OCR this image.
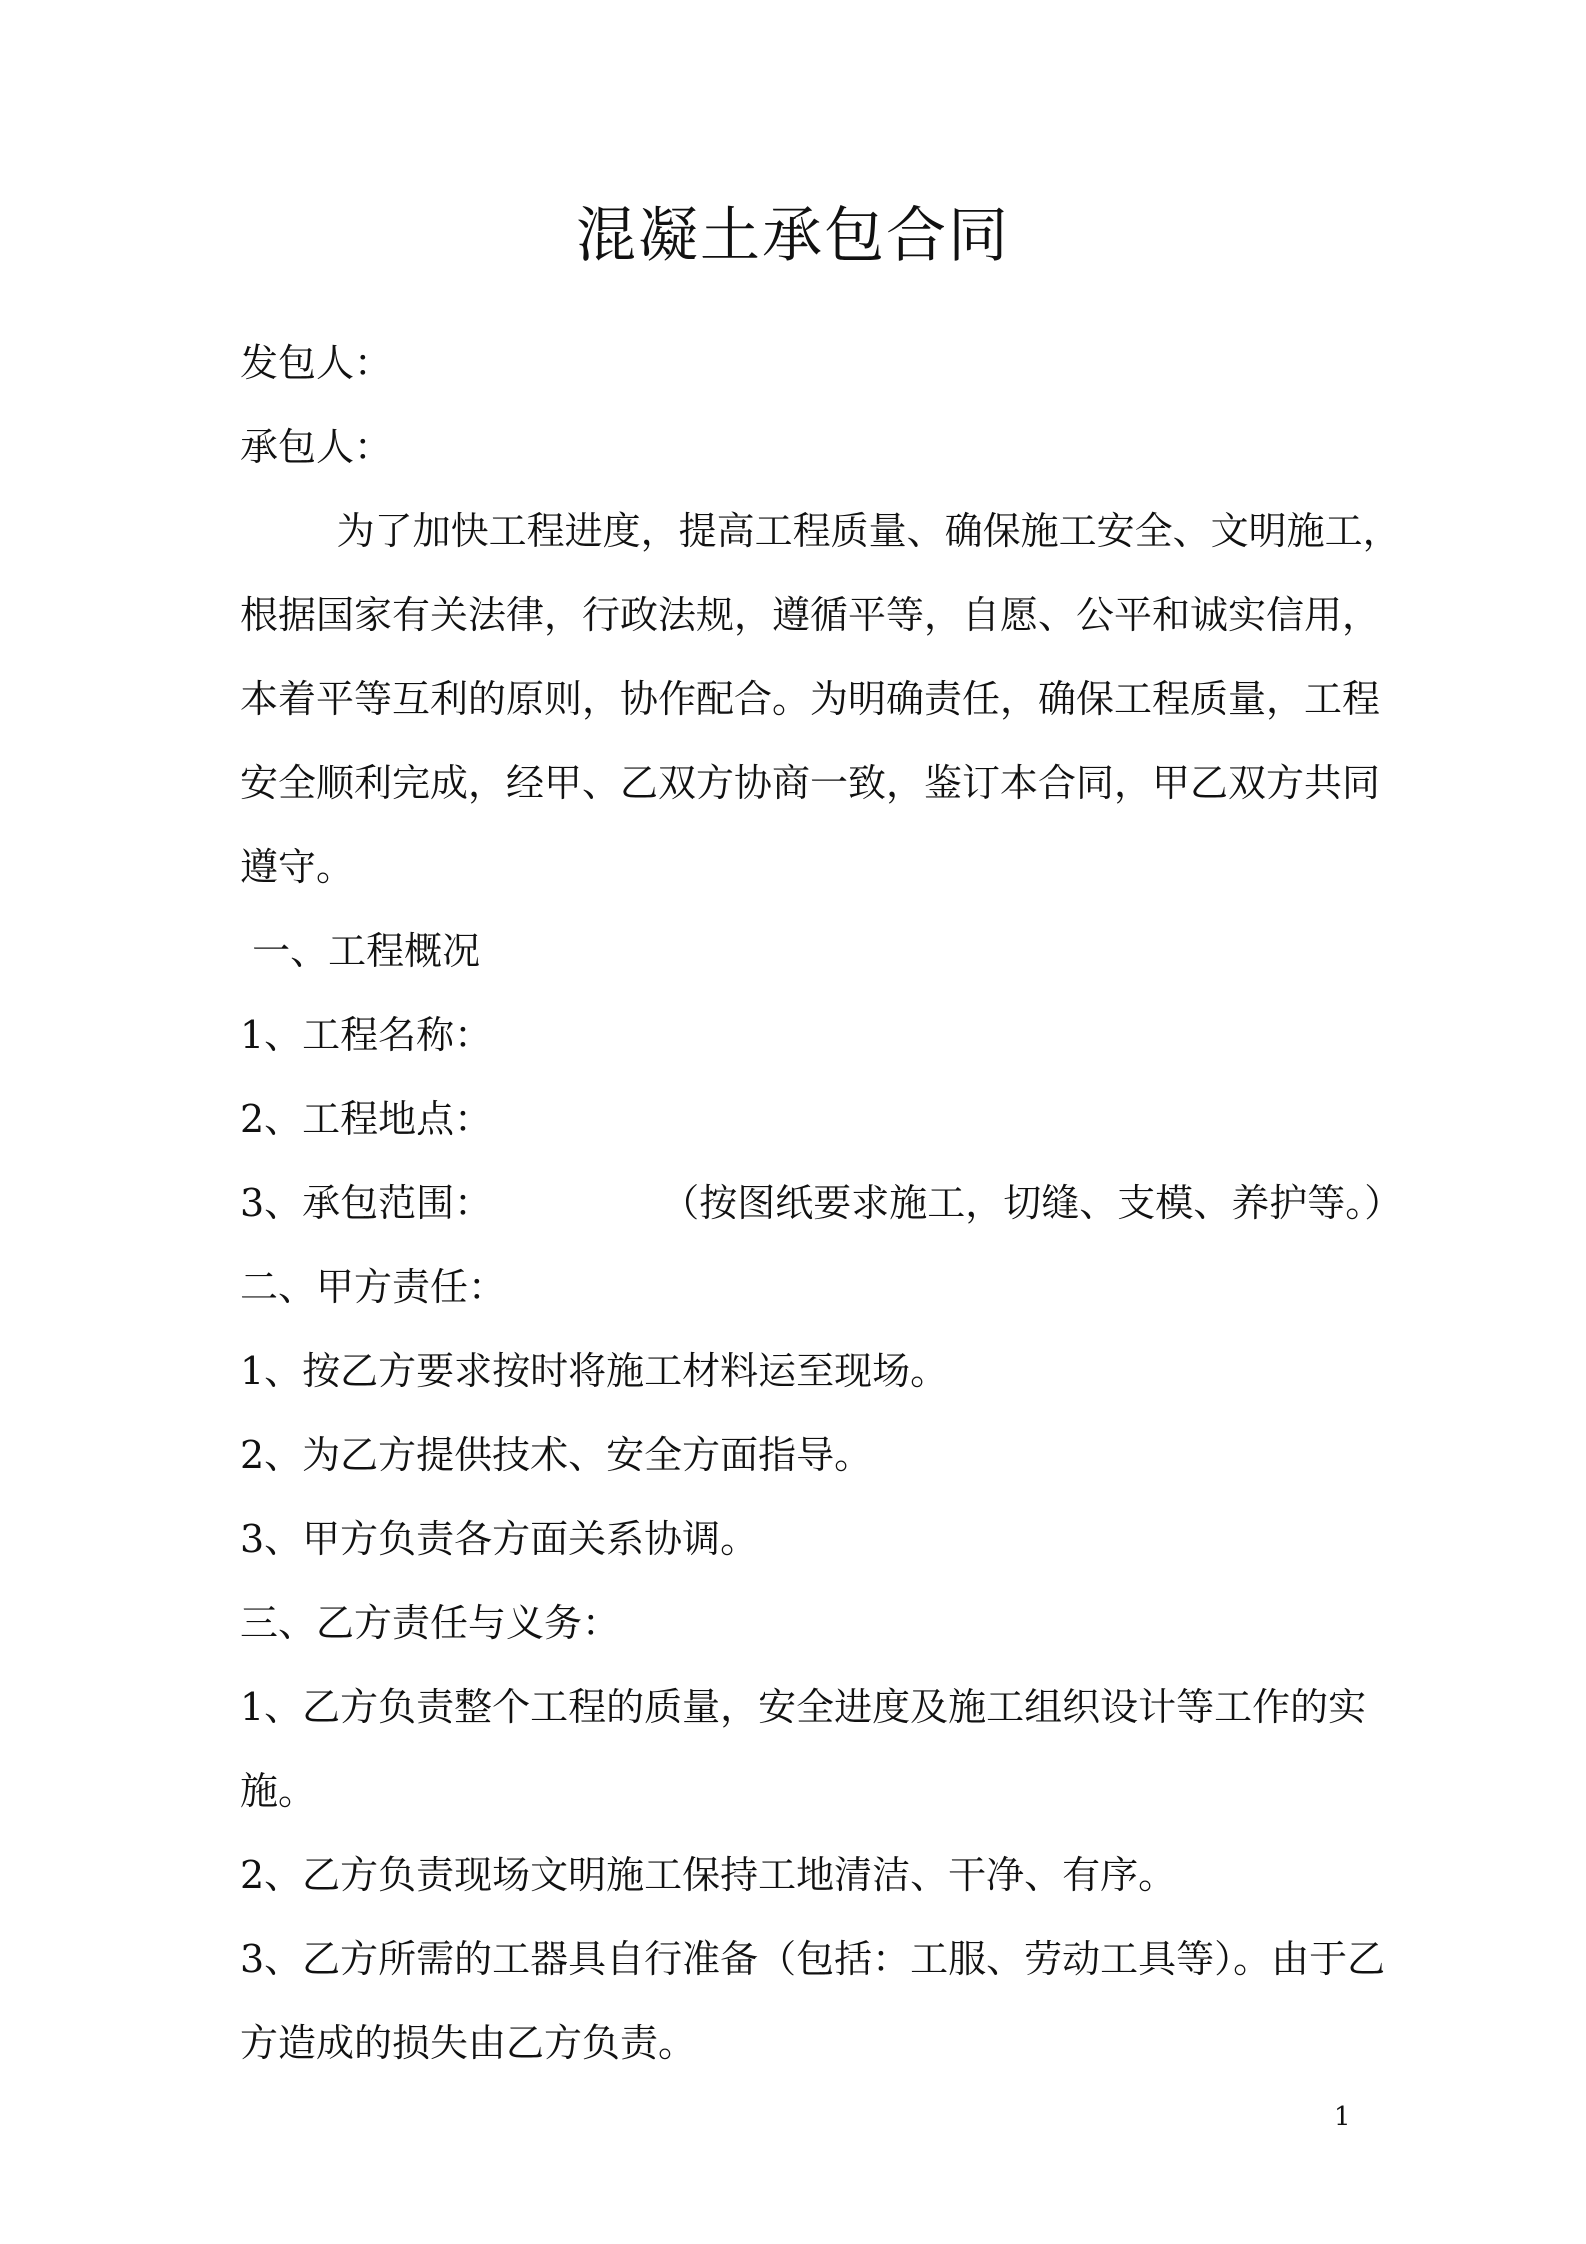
混凝土承包合同

发包人：

承包人：

为了加快工程进度，提高工程质量、确保施工安全、文明施工，

根据国家有关法律，行政法规，遵循平等，自愿、公平和诚实信用，

本着平等互利的原则，协作配合。为明确责任，确保工程质量，工程

安全顺利完成，经甲、乙双方协商一致，鉴订本合同，甲乙双方共同

遵守。

一、工程概况

1、工程名称：

2、工程地点：

3、承包范围：              （按图纸要求施工，切缝、支模、养护等。）

二、甲方责任：

1、按乙方要求按时将施工材料运至现场。

2、为乙方提供技术、安全方面指导。

3、甲方负责各方面关系协调。

三、乙方责任与义务：

1、乙方负责整个工程的质量，安全进度及施工组织设计等工作的实

施。

2、乙方负责现场文明施工保持工地清洁、干净、有序。

3、乙方所需的工器具自行准备（包括：工服、劳动工具等）。由于乙

方造成的损失由乙方负责。

1
